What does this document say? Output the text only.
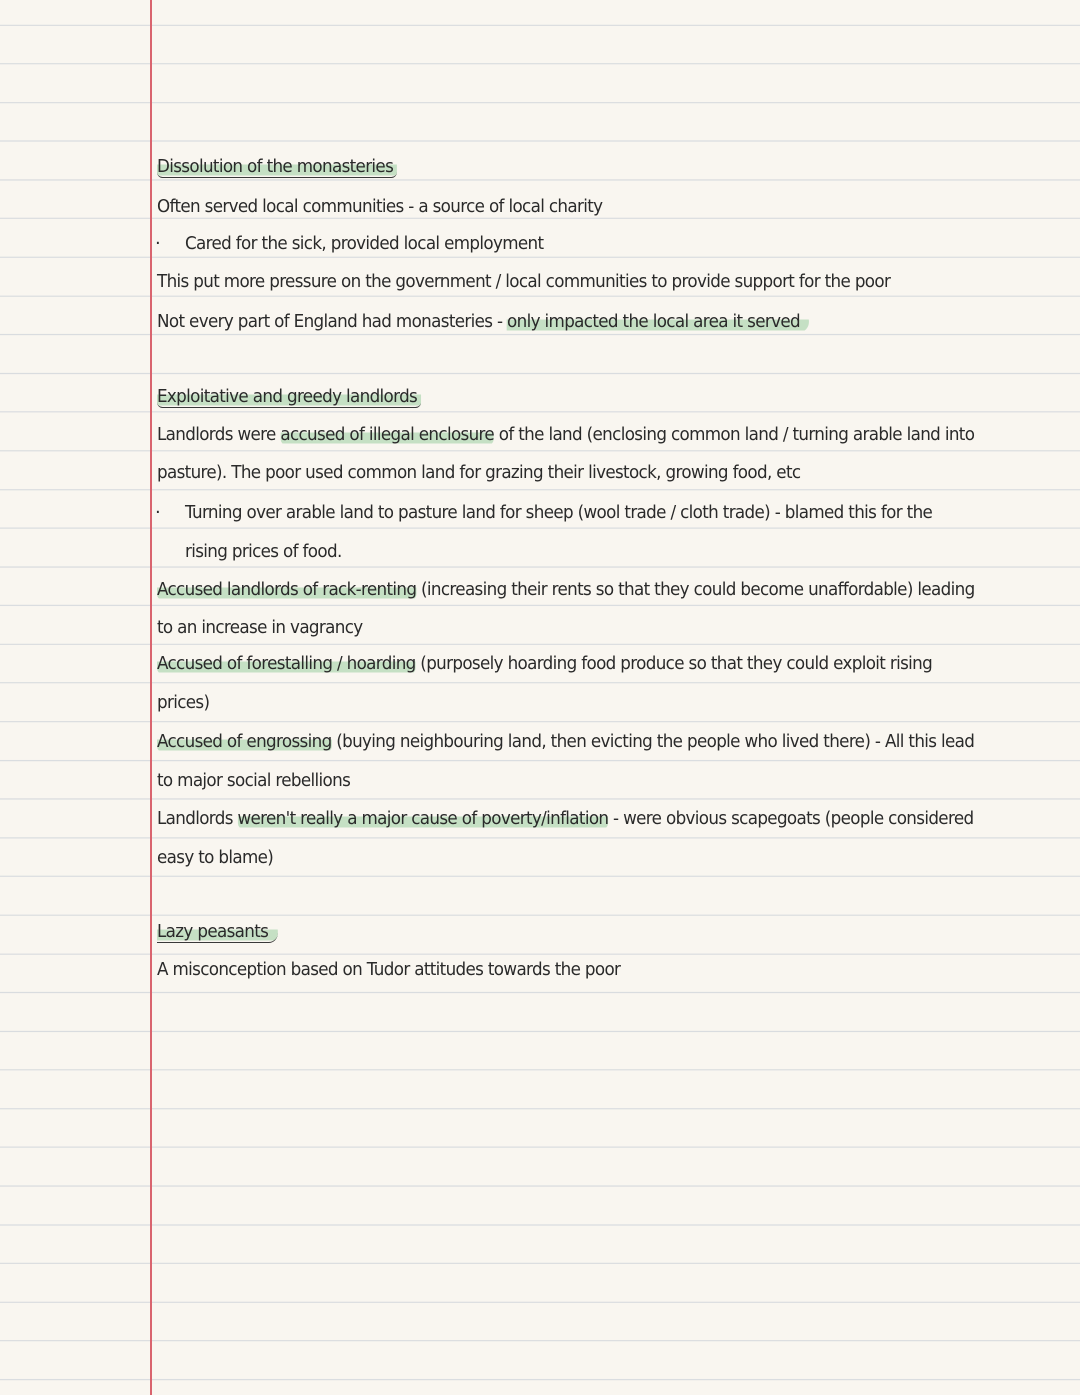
Dissolution of the monasteries
Often served local communities - a source of local charity
· Cared for the sick, provided local employment
This put more pressure on the government / local communities to provide support for the poor
Not every part of England had monasteries - only impacted the local area it served
Exploitative and greedy landlords
Landlords were accused of illegal enclosure of the land (enclosing common land / turning arable land into
pasture). The poor used common land for grazing their livestock, growing food, etc
· Turning over arable land to pasture land for sheep (wool trade / cloth trade) - blamed this for the
rising prices of food.
Accused landlords of rack-renting (increasing their rents so that they could become unaffordable) leading
to an increase in vagrancy
Accused of forestalling / hoarding (purposely hoarding food produce so that they could exploit rising
prices)
Accused of engrossing (buying neighbouring land, then evicting the people who lived there) - All this lead
to major social rebellions
Landlords weren't really a major cause of poverty/inflation - were obvious scapegoats (people considered
easy to blame)
Lazy peasants
A misconception based on Tudor attitudes towards the poor
